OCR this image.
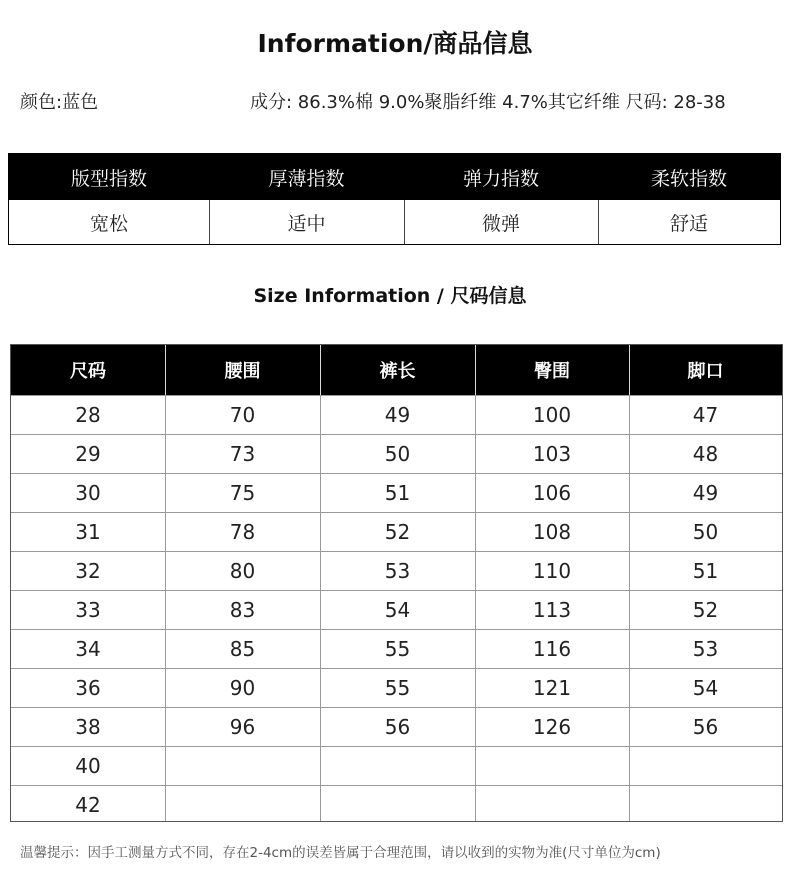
Information/商品信息
颜色:蓝色	成分: 86.3%棉 9.0%聚脂纤维 4.7%其它纤维 尺码: 28-38
版型指数	厚薄指数	弹力指数	柔软指数
宽松	适中	微弹	舒适
Size Information / 尺码信息
尺码	腰围	裤长	臀围	脚口
28	70	49	100	47
29	73	50	103	48
30	75	51	106	49
31	78	52	108	50
32	80	53	110	51
33	83	54	113	52
34	85	55	116	53
36	90	55	121	54
38	96	56	126	56
40
42
温馨提示：因手工测量方式不同，存在2-4cm的误差皆属于合理范围，请以收到的实物为准(尺寸单位为cm)
